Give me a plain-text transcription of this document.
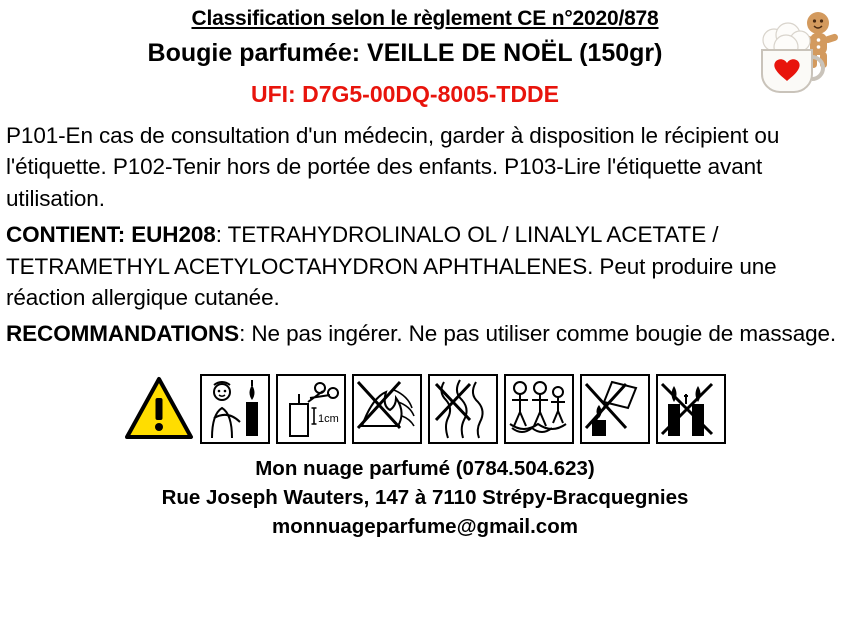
Classification selon le règlement CE n°2020/878
Bougie parfumée: VEILLE DE NOËL (150gr)
UFI: D7G5-00DQ-8005-TDDE

P101-En cas de consultation d'un médecin, garder à disposition le récipient ou l'étiquette. P102-Tenir hors de portée des enfants. P103-Lire l'étiquette avant utilisation.

CONTIENT: EUH208: TETRAHYDROLINALO OL / LINALYL ACETATE / TETRAMETHYL ACETYLOCTAHYDRON APHTHALENES. Peut produire une réaction allergique cutanée.

RECOMMANDATIONS: Ne pas ingérer. Ne pas utiliser comme bougie de massage.

1cm
Mon nuage parfumé (0784.504.623)
Rue Joseph Wauters, 147 à 7110 Strépy-Bracquegnies
monnuageparfume@gmail.com
